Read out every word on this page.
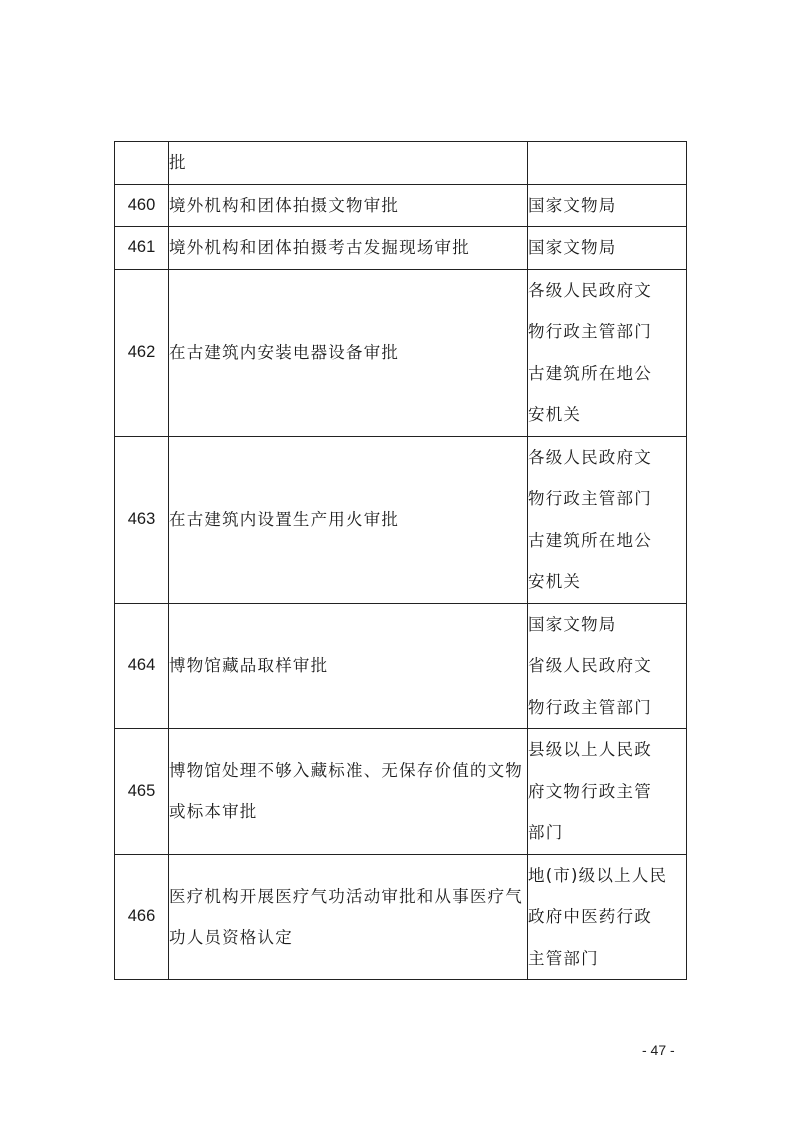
	批	

460	境外机构和团体拍摄文物审批	国家文物局

461	境外机构和团体拍摄考古发掘现场审批	国家文物局

462	在古建筑内安装电器设备审批	各级人民政府文
物行政主管部门
古建筑所在地公
安机关

463	在古建筑内设置生产用火审批	各级人民政府文
物行政主管部门
古建筑所在地公
安机关

464	博物馆藏品取样审批	国家文物局
省级人民政府文
物行政主管部门

465	博物馆处理不够入藏标准、无保存价值的文物或标本审批	县级以上人民政
府文物行政主管
部门

466	医疗机构开展医疗气功活动审批和从事医疗气功人员资格认定	地(市)级以上人民
政府中医药行政
主管部门
- 47 -
